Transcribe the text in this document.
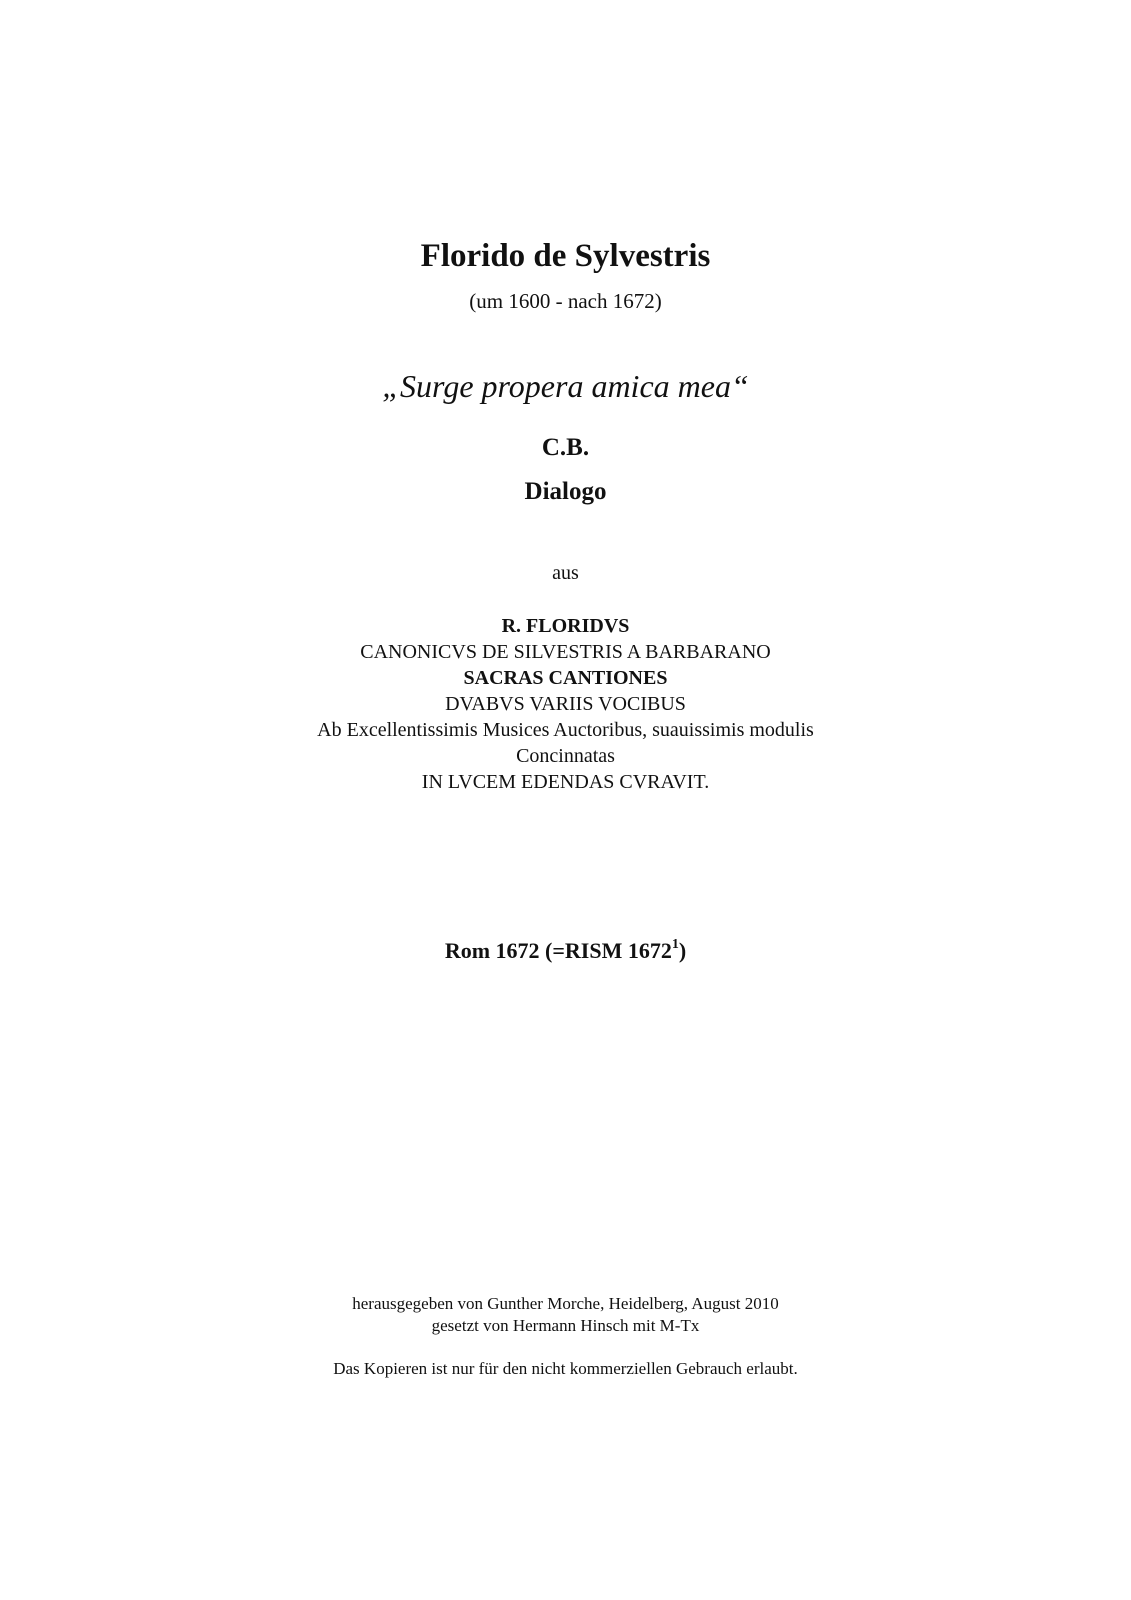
Florido de Sylvestris
(um 1600 - nach 1672)
„Surge propera amica mea“
C.B.
Dialogo
aus
R. FLORIDVS
CANONICVS DE SILVESTRIS A BARBARANO
SACRAS CANTIONES
DVABVS VARIIS VOCIBUS
Ab Excellentissimis Musices Auctoribus, suauissimis modulis
Concinnatas
IN LVCEM EDENDAS CVRAVIT.
Rom 1672 (=RISM 1672$^1$)
herausgegeben von Gunther Morche, Heidelberg, August 2010
gesetzt von Hermann Hinsch mit M-Tx
Das Kopieren ist nur für den nicht kommerziellen Gebrauch erlaubt.
